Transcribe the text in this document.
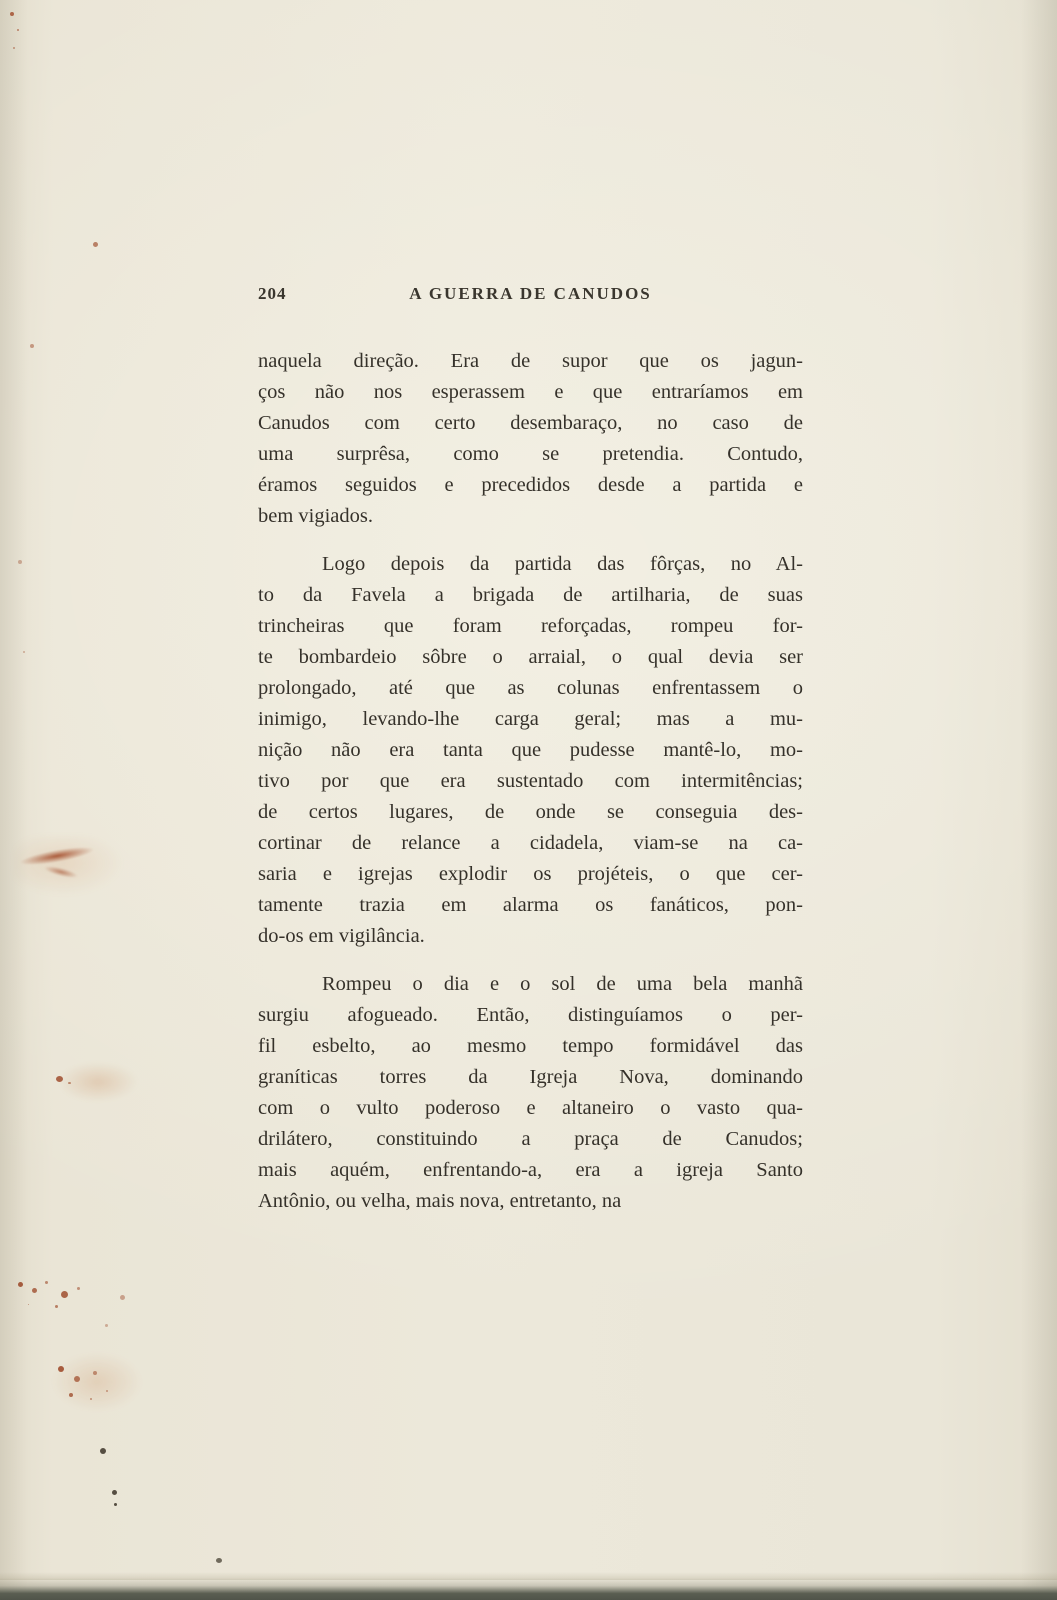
204	A GUERRA DE CANUDOS
naquela direção. Era de supor que os jagun-
ços não nos esperassem e que entraríamos em
Canudos com certo desembaraço, no caso de
uma surprêsa, como se pretendia. Contudo,
éramos seguidos e precedidos desde a partida e
bem vigiados.
Logo depois da partida das fôrças, no Al-
to da Favela a brigada de artilharia, de suas
trincheiras que foram reforçadas, rompeu for-
te bombardeio sôbre o arraial, o qual devia ser
prolongado, até que as colunas enfrentassem o
inimigo, levando-lhe carga geral; mas a mu-
nição não era tanta que pudesse mantê-lo, mo-
tivo por que era sustentado com intermitências;
de certos lugares, de onde se conseguia des-
cortinar de relance a cidadela, viam-se na ca-
saria e igrejas explodir os projéteis, o que cer-
tamente trazia em alarma os fanáticos, pon-
do-os em vigilância.
Rompeu o dia e o sol de uma bela manhã
surgiu afogueado. Então, distinguíamos o per-
fil esbelto, ao mesmo tempo formidável das
graníticas torres da Igreja Nova, dominando
com o vulto poderoso e altaneiro o vasto qua-
drilátero, constituindo a praça de Canudos;
mais aquém, enfrentando-a, era a igreja Santo
Antônio, ou velha, mais nova, entretanto, na
